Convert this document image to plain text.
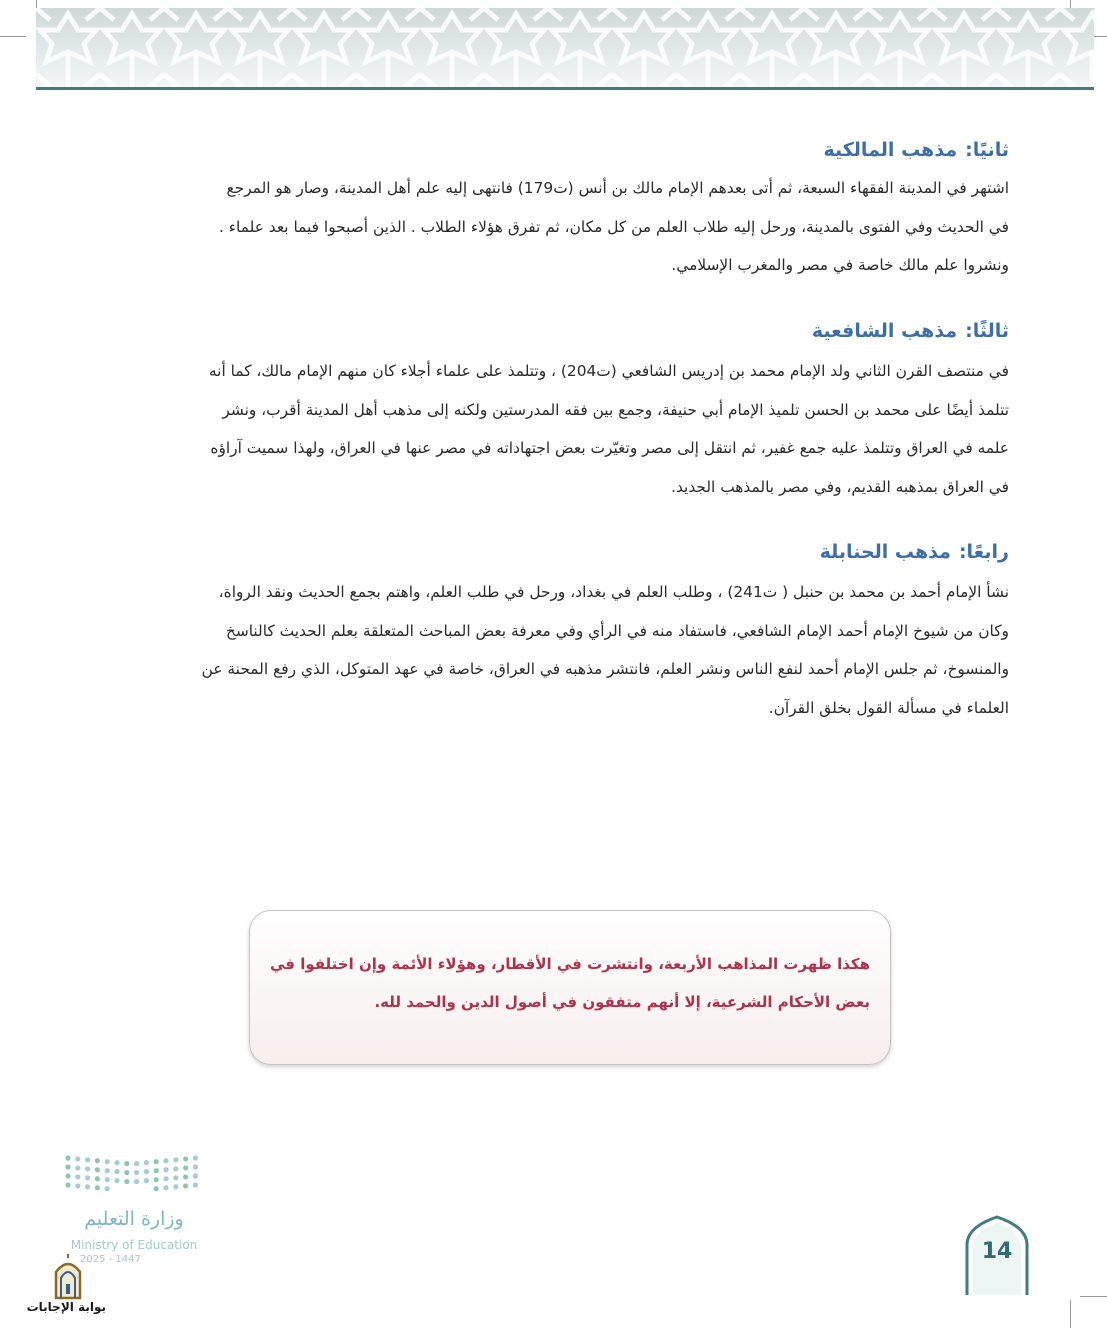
ثانيًا:مذهب المالكية
اشتهر في المدينة الفقهاء السبعة، ثم أتى بعدهم الإمام مالك بن أنس (ت179) فانتهى إليه علم أهل المدينة، وصار هو المرجع
في الحديث وفي الفتوى بالمدينة، ورحل إليه طلاب العلم من كل مكان، ثم تفرق هؤلاء الطلاب . الذين أصبحوا فيما بعد علماء .
ونشروا علم مالك خاصة في مصر والمغرب الإسلامي.
ثالثًا:مذهب الشافعية
في منتصف القرن الثاني ولد الإمام محمد بن إدريس الشافعي (ت204) ، وتتلمذ على علماء أجلاء كان منهم الإمام مالك، كما أنه
تتلمذ أيضًا على محمد بن الحسن تلميذ الإمام أبي حنيفة، وجمع بين فقه المدرستين ولكنه إلى مذهب أهل المدينة أقرب، ونشر
علمه في العراق وتتلمذ عليه جمع غفير، ثم انتقل إلى مصر وتغيّرت بعض اجتهاداته في مصر عنها في العراق، ولهذا سميت آراؤه
في العراق بمذهبه القديم، وفي مصر بالمذهب الجديد.
رابعًا:مذهب الحنابلة
نشأ الإمام أحمد بن محمد بن حنبل ( ت241) ، وطلب العلم في بغداد، ورحل في طلب العلم، واهتم بجمع الحديث ونقد الرواة،
وكان من شيوخ الإمام أحمد الإمام الشافعي، فاستفاد منه في الرأي وفي معرفة بعض المباحث المتعلقة بعلم الحديث كالناسخ
والمنسوخ، ثم جلس الإمام أحمد لنفع الناس ونشر العلم، فانتشر مذهبه في العراق، خاصة في عهد المتوكل، الذي رفع المحنة عن
العلماء في مسألة القول بخلق القرآن.
هكذا ظهرت المذاهب الأربعة، وانتشرت في الأقطار، وهؤلاء الأئمة وإن اختلفوا في
بعض الأحكام الشرعية، إلا أنهم متفقون في أصول الدين والحمد لله.
وزارة التعليم
Ministry of Education
2025 - 1447
بوابة الإجابات
14
